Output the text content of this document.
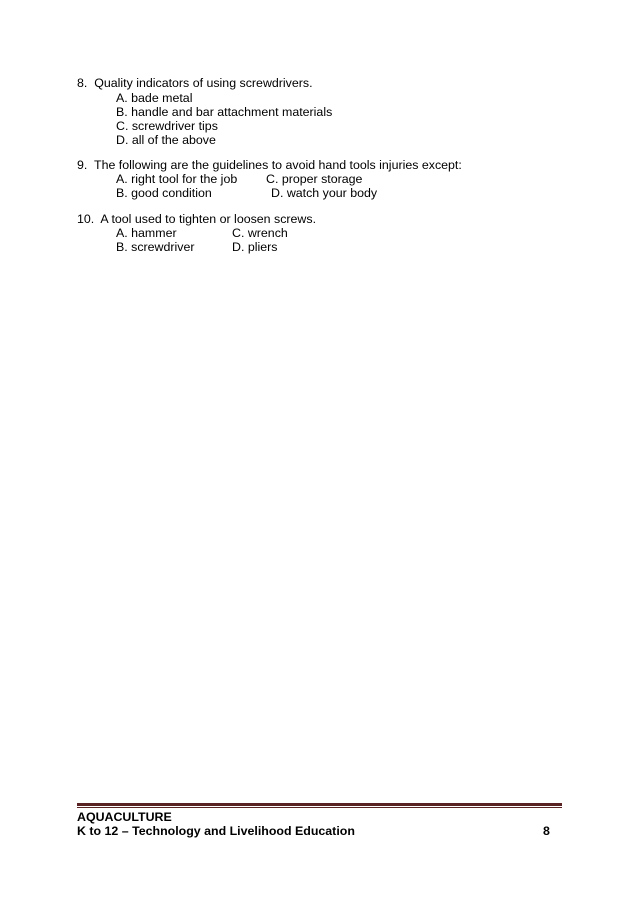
8.  Quality indicators of using screwdrivers.
A. bade metal
B. handle and bar attachment materials
C. screwdriver tips
D. all of the above
9.  The following are the guidelines to avoid hand tools injuries except:
A. right tool for the job C. proper storage
B. good condition	D. watch your body
10.  A tool used to tighten or loosen screws.
A. hammer	C. wrench
B. screwdriver	D. pliers
AQUACULTURE
K to 12 – Technology and Livelihood Education	8
